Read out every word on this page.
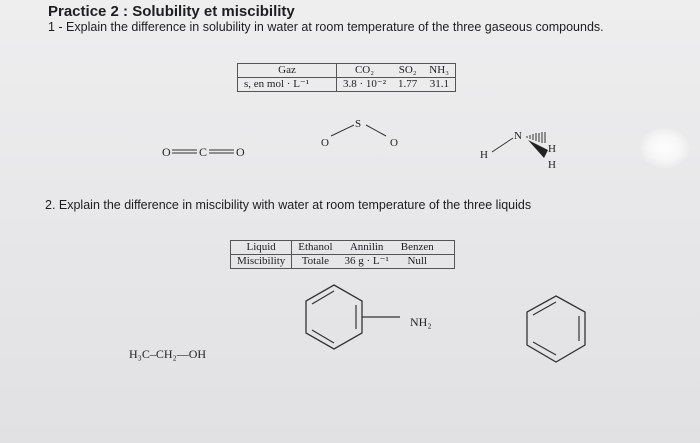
Practice 2 : Solubility et miscibility
1 - Explain the difference in solubility in water at room temperature of the three gaseous compounds.
Gaz	CO₂	SO₂	NH₃
s, en mol · L⁻¹	3.8 · 10⁻²	1.77	31.1
2. Explain the difference in miscibility with water at room temperature of the three liquids
Liquid	Ethanol	Annilin	Benzen
Miscibility	Totale	36 g · L⁻¹	Null
O C O
S
O	O
N
H	H
H
H₃C–CH₂—OH
NH₂
